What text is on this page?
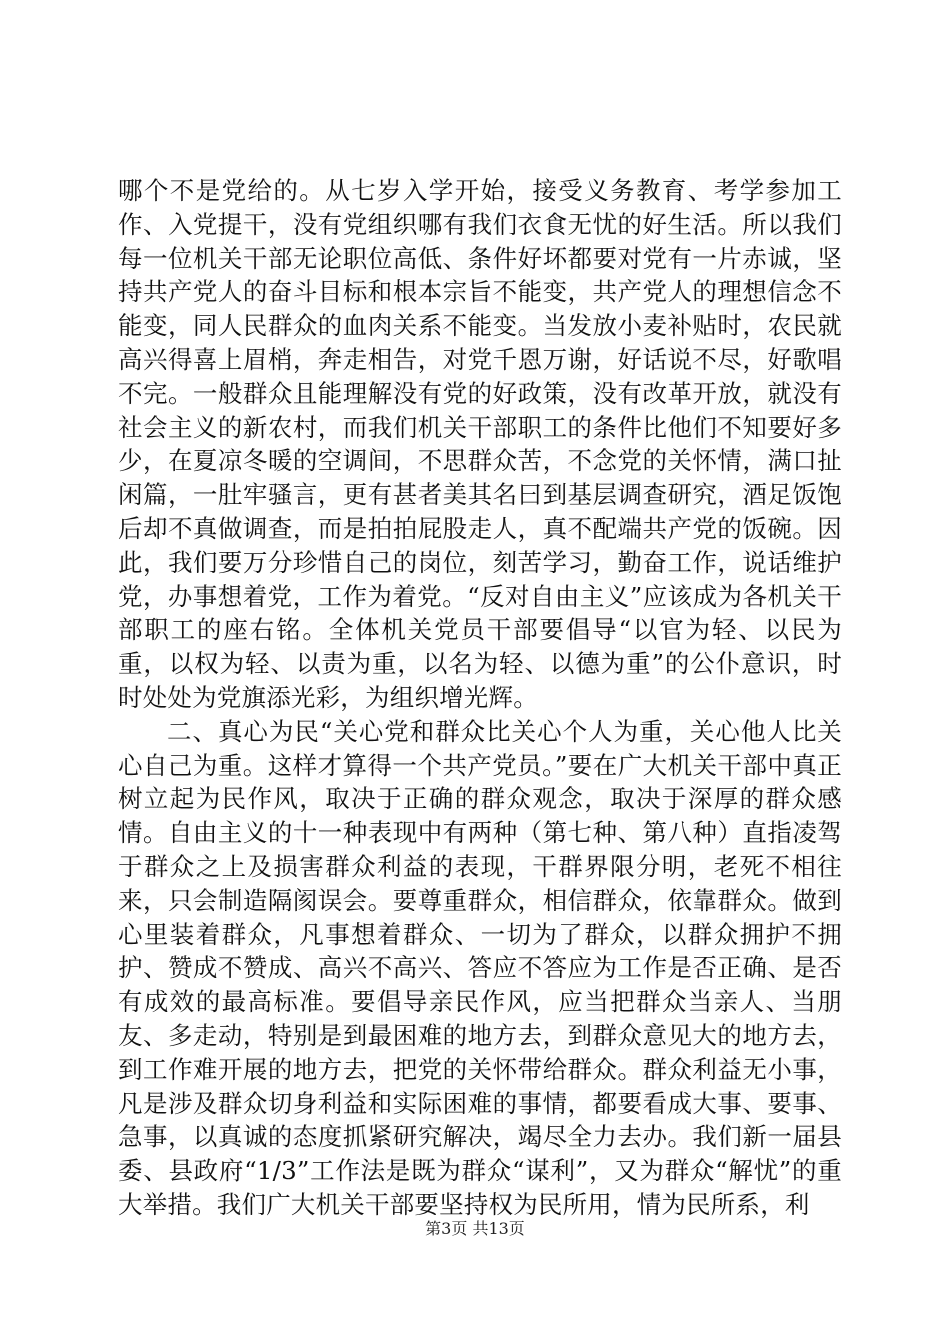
哪个不是党给的。从七岁入学开始，接受义务教育、考学参加工作、入党提干，没有党组织哪有我们衣食无忧的好生活。所以我们每一位机关干部无论职位高低、条件好坏都要对党有一片赤诚，坚持共产党人的奋斗目标和根本宗旨不能变，共产党人的理想信念不能变，同人民群众的血肉关系不能变。当发放小麦补贴时，农民就高兴得喜上眉梢，奔走相告，对党千恩万谢，好话说不尽，好歌唱不完。一般群众且能理解没有党的好政策，没有改革开放，就没有社会主义的新农村，而我们机关干部职工的条件比他们不知要好多少，在夏凉冬暖的空调间，不思群众苦，不念党的关怀情，满口扯闲篇，一肚牢骚言，更有甚者美其名曰到基层调查研究，酒足饭饱后却不真做调查，而是拍拍屁股走人，真不配端共产党的饭碗。因此，我们要万分珍惜自己的岗位，刻苦学习，勤奋工作，说话维护党，办事想着党，工作为着党。“反对自由主义”应该成为各机关干部职工的座右铭。全体机关党员干部要倡导“以官为轻、以民为重，以权为轻、以责为重，以名为轻、以德为重”的公仆意识，时时处处为党旗添光彩，为组织增光辉。

二、真心为民“关心党和群众比关心个人为重，关心他人比关心自己为重。这样才算得一个共产党员。”要在广大机关干部中真正树立起为民作风，取决于正确的群众观念，取决于深厚的群众感情。自由主义的十一种表现中有两种（第七种、第八种）直指凌驾于群众之上及损害群众利益的表现，干群界限分明，老死不相往来，只会制造隔阂误会。要尊重群众，相信群众，依靠群众。做到心里装着群众，凡事想着群众、一切为了群众，以群众拥护不拥护、赞成不赞成、高兴不高兴、答应不答应为工作是否正确、是否有成效的最高标准。要倡导亲民作风，应当把群众当亲人、当朋友、多走动，特别是到最困难的地方去，到群众意见大的地方去，到工作难开展的地方去，把党的关怀带给群众。群众利益无小事，凡是涉及群众切身利益和实际困难的事情，都要看成大事、要事、急事，以真诚的态度抓紧研究解决，竭尽全力去办。我们新一届县委、县政府“1/3”工作法是既为群众“谋利”，又为群众“解忧”的重大举措。我们广大机关干部要坚持权为民所用，情为民所系，利

第3页 共13页
